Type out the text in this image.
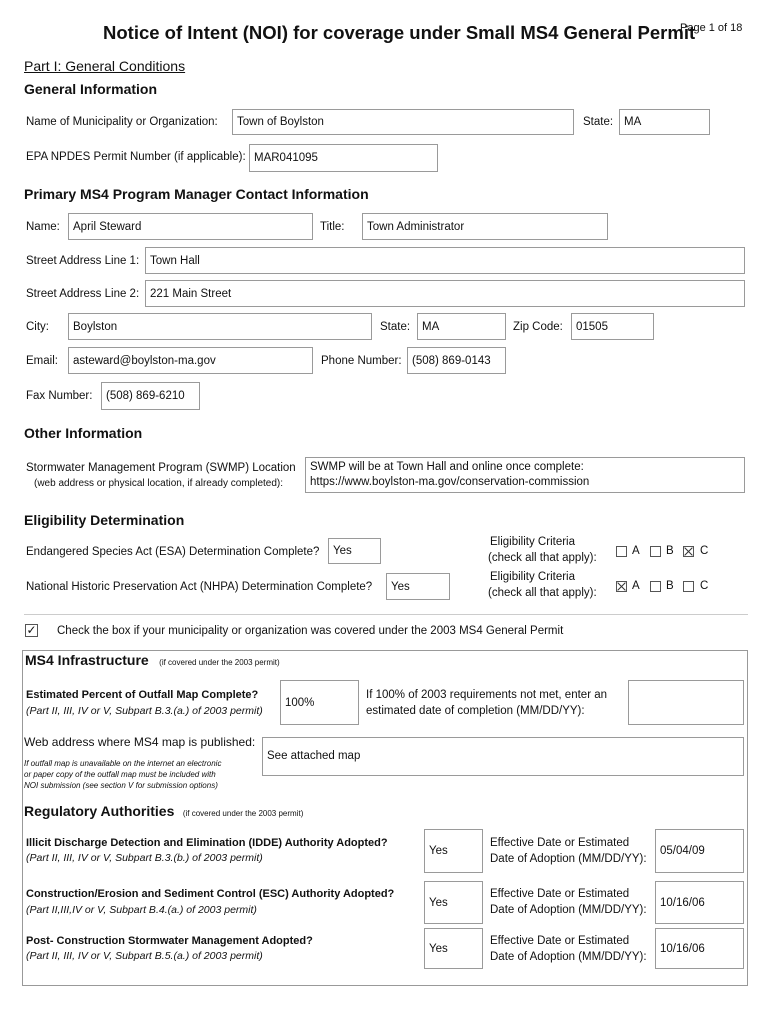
Notice of Intent (NOI) for coverage under Small MS4 General Permit
Page 1 of 18
Part I: General Conditions
General Information
Name of Municipality or Organization:	Town of Boylston	State: MA
EPA NPDES Permit Number (if applicable): MAR041095
Primary MS4 Program Manager Contact Information
Name:	April Steward	Title:	Town Administrator
Street Address Line 1: Town Hall
Street Address Line 2: 221 Main Street
City:	Boylston	State:	MA	Zip Code:	01505
Email:	asteward@boylston-ma.gov	Phone Number: (508) 869-0143
Fax Number:	(508) 869-6210
Other Information
Stormwater Management Program (SWMP) Location
(web address or physical location, if already completed):
SWMP will be at Town Hall and online once complete:
https://www.boylston-ma.gov/conservation-commission
Eligibility Determination
Endangered Species Act (ESA) Determination Complete?	Yes
Eligibility Criteria
(check all that apply):
A B C
National Historic Preservation Act (NHPA) Determination Complete?	Yes
Eligibility Criteria
(check all that apply):
A B C
✓ Check the box if your municipality or organization was covered under the 2003 MS4 General Permit
MS4 Infrastructure (if covered under the 2003 permit)
Estimated Percent of Outfall Map Complete?
(Part II, III, IV or V, Subpart B.3.(a.) of 2003 permit)
100%
If 100% of 2003 requirements not met, enter an
estimated date of completion (MM/DD/YY):
Web address where MS4 map is published:
If outfall map is unavailable on the internet an electronic
or paper copy of the outfall map must be included with
NOI submission (see section V for submission options)
See attached map
Regulatory Authorities (if covered under the 2003 permit)
Illicit Discharge Detection and Elimination (IDDE) Authority Adopted?
(Part II, III, IV or V, Subpart B.3.(b.) of 2003 permit)
Yes
Effective Date or Estimated
Date of Adoption (MM/DD/YY):
05/04/09
Construction/Erosion and Sediment Control (ESC) Authority Adopted?
(Part II,III,IV or V, Subpart B.4.(a.) of 2003 permit)
Yes
Effective Date or Estimated
Date of Adoption (MM/DD/YY):
10/16/06
Post- Construction Stormwater Management Adopted?
(Part II, III, IV or V, Subpart B.5.(a.) of 2003 permit)
Yes
Effective Date or Estimated
Date of Adoption (MM/DD/YY):
10/16/06
